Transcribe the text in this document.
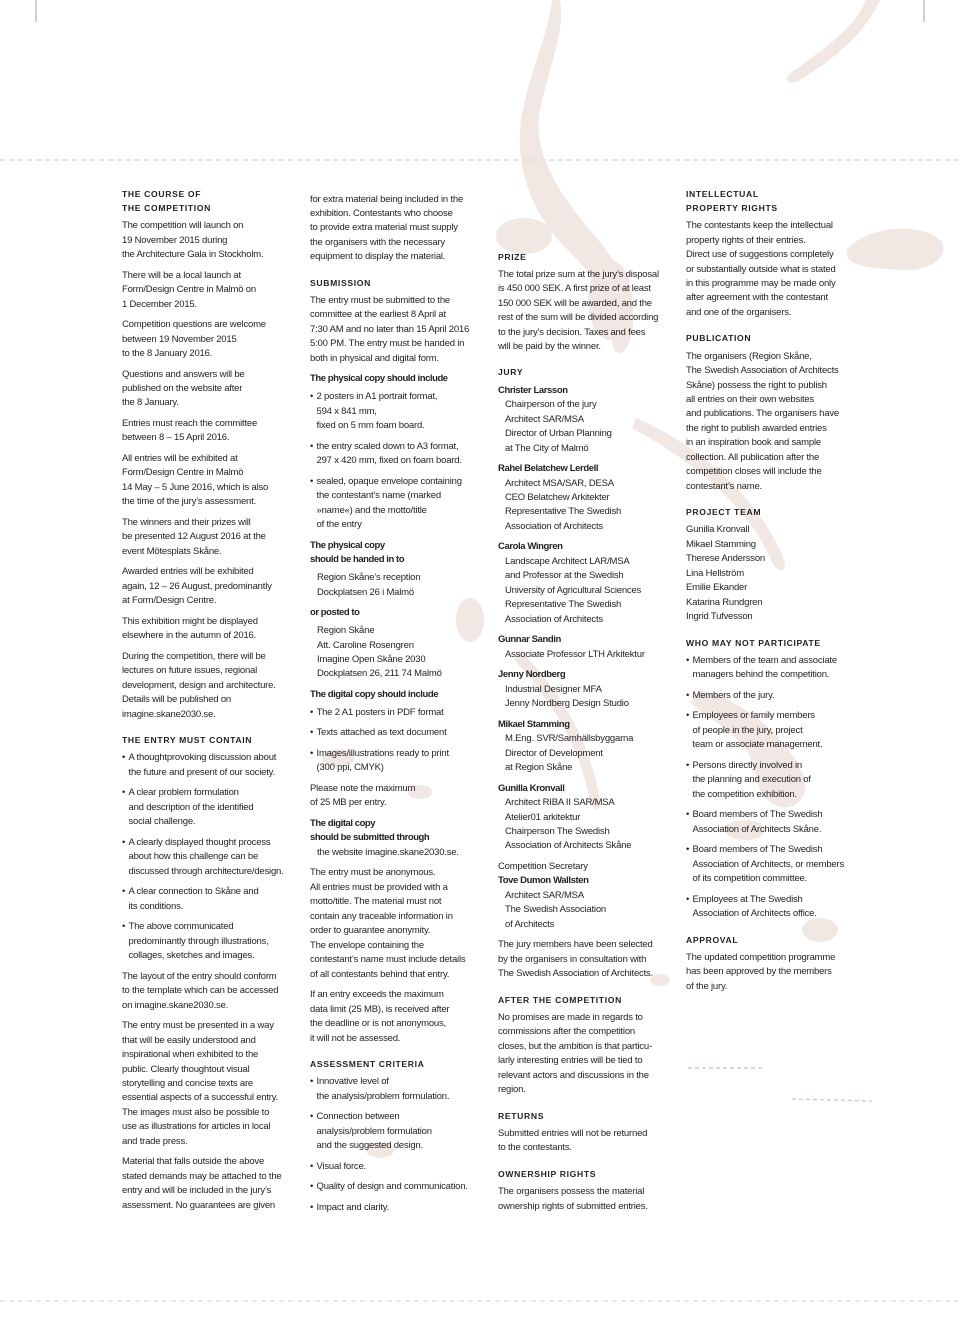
THE COURSE OF
THE COMPETITION
The competition will launch on
19 November 2015 during
the Architecture Gala in Stockholm.
There will be a local launch at
Form/Design Centre in Malmö on
1 December 2015.
Competition questions are welcome
between 19 November 2015
to the 8 January 2016.
Questions and answers will be
published on the website after
the 8 January.
Entries must reach the committee
between 8 – 15 April 2016.
All entries will be exhibited at
Form/Design Centre in Malmö
14 May – 5 June 2016, which is also
the time of the jury’s assessment.
The winners and their prizes will
be presented 12 August 2016 at the
event Mötesplats Skåne.
Awarded entries will be exhibited
again, 12 – 26 August, predominantly
at Form/Design Centre.
This exhibition might be displayed
elsewhere in the autumn of 2016.
During the competition, there will be
lectures on future issues, regional
development, design and architecture.
Details will be published on
imagine.skane2030.se.
THE ENTRY MUST CONTAIN
• A thoughtprovoking discussion about
the future and present of our society.
• A clear problem formulation
and description of the identified
social challenge.
• A clearly displayed thought process
about how this challenge can be
discussed through architecture/design.
• A clear connection to Skåne and
its conditions.
• The above communicated
predominantly through illustrations,
collages, sketches and images.
The layout of the entry should conform
to the template which can be accessed
on imagine.skane2030.se.
The entry must be presented in a way
that will be easily understood and
inspirational when exhibited to the
public. Clearly thoughtout visual
storytelling and concise texts are
essential aspects of a successful entry.
The images must also be possible to
use as illustrations for articles in local
and trade press.
Material that falls outside the above
stated demands may be attached to the
entry and will be included in the jury’s
assessment. No guarantees are given
for extra material being included in the
exhibition. Contestants who choose
to provide extra material must supply
the organisers with the necessary
equipment to display the material.
SUBMISSION
The entry must be submitted to the
committee at the earliest 8 April at
7:30 AM and no later than 15 April 2016
5:00 PM. The entry must be handed in
both in physical and digital form.
The physical copy should include
• 2 posters in A1 portrait format,
594 x 841 mm,
fixed on 5 mm foam board.
• the entry scaled down to A3 format,
297 x 420 mm, fixed on foam board.
• sealed, opaque envelope containing
the contestant’s name (marked
»name«) and the motto/title
of the entry
The physical copy
should be handed in to
Region Skåne’s reception
Dockplatsen 26 i Malmö
or posted to
Region Skåne
Att. Caroline Rosengren
Imagine Open Skåne 2030
Dockplatsen 26, 211 74 Malmö
The digital copy should include
• The 2 A1 posters in PDF format
• Texts attached as text document
• Images/illustrations ready to print
(300 ppi, CMYK)
Please note the maximum
of 25 MB per entry.
The digital copy
should be submitted through
the website imagine.skane2030.se.
The entry must be anonymous.
All entries must be provided with a
motto/title. The material must not
contain any traceable information in
order to guarantee anonymity.
The envelope containing the
contestant’s name must include details
of all contestants behind that entry.
If an entry exceeds the maximum
data limit (25 MB), is received after
the deadline or is not anonymous,
it will not be assessed.
ASSESSMENT CRITERIA
• Innovative level of
the analysis/problem formulation.
• Connection between
analysis/problem formulation
and the suggested design.
• Visual force.
• Quality of design and communication.
• Impact and clarity.
PRIZE
The total prize sum at the jury’s disposal
is 450 000 SEK. A first prize of at least
150 000 SEK will be awarded, and the
rest of the sum will be divided according
to the jury’s decision. Taxes and fees
will be paid by the winner.
JURY
Christer Larsson
Chairperson of the jury
Architect SAR/MSA
Director of Urban Planning
at The City of Malmö
Rahel Belatchew Lerdell
Architect MSA/SAR, DESA
CEO Belatchew Arkitekter
Representative The Swedish
Association of Architects
Carola Wingren
Landscape Architect LAR/MSA
and Professor at the Swedish
University of Agricultural Sciences
Representative The Swedish
Association of Architects
Gunnar Sandin
Associate Professor LTH Arkitektur
Jenny Nordberg
Industrial Designer MFA
Jenny Nordberg Design Studio
Mikael Stamming
M.Eng. SVR/Samhällsbyggarna
Director of Development
at Region Skåne
Gunilla Kronvall
Architect RIBA II SAR/MSA
Atelier01 arkitektur
Chairperson The Swedish
Association of Architects Skåne
Competition Secretary
Tove Dumon Wallsten
Architect SAR/MSA
The Swedish Association
of Architects
The jury members have been selected
by the organisers in consultation with
The Swedish Association of Architects.
AFTER THE COMPETITION
No promises are made in regards to
commissions after the competition
closes, but the ambition is that particu-
larly interesting entries will be tied to
relevant actors and discussions in the
region.
RETURNS
Submitted entries will not be returned
to the contestants.
OWNERSHIP RIGHTS
The organisers possess the material
ownership rights of submitted entries.
INTELLECTUAL
PROPERTY RIGHTS
The contestants keep the intellectual
property rights of their entries.
Direct use of suggestions completely
or substantially outside what is stated
in this programme may be made only
after agreement with the contestant
and one of the organisers.
PUBLICATION
The organisers (Region Skåne,
The Swedish Association of Architects
Skåne) possess the right to publish
all entries on their own websites
and publications. The organisers have
the right to publish awarded entries
in an inspiration book and sample
collection. All publication after the
competition closes will include the
contestant’s name.
PROJECT TEAM
Gunilla Kronvall
Mikael Stamming
Therese Andersson
Lina Hellström
Emilie Ekander
Katarina Rundgren
Ingrid Tufvesson
WHO MAY NOT PARTICIPATE
• Members of the team and associate
managers behind the competition.
• Members of the jury.
• Employees or family members
of people in the jury, project
team or associate management.
• Persons directly involved in
the planning and execution of
the competition exhibition.
• Board members of The Swedish
Association of Architects Skåne.
• Board members of The Swedish
Association of Architects, or members
of its competition committee.
• Employees at The Swedish
Association of Architects office.
APPROVAL
The updated competition programme
has been approved by the members
of the jury.
